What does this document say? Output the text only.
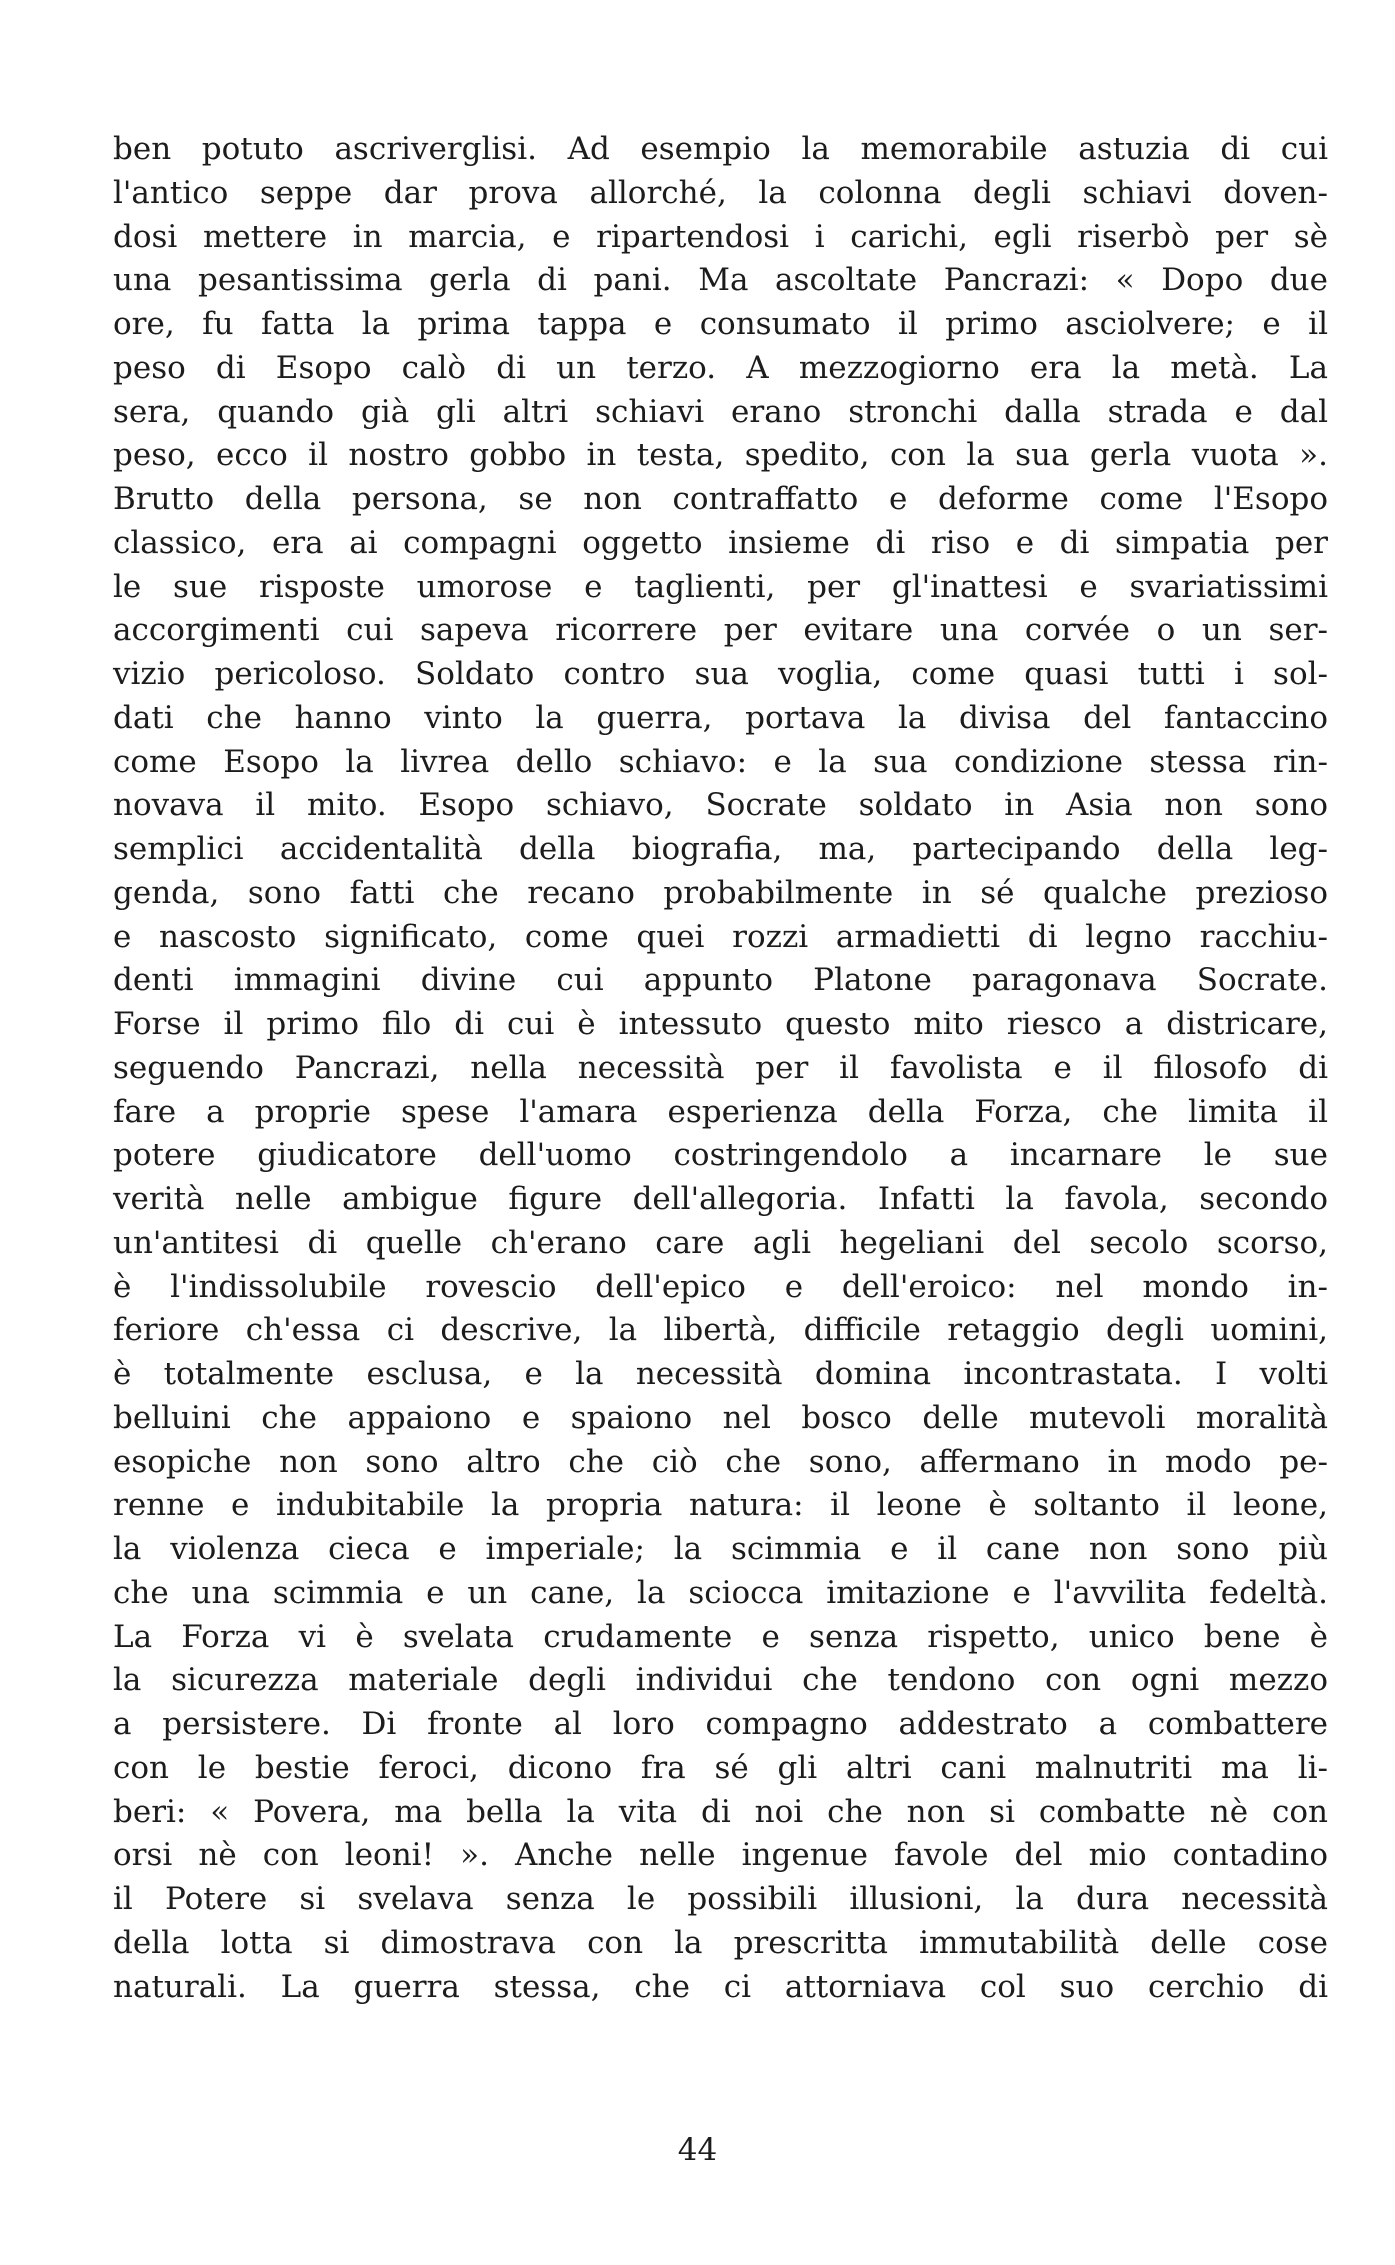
ben potuto ascriverglisi. Ad esempio la memorabile astuzia di cui
l'antico seppe dar prova allorché, la colonna degli schiavi doven-
dosi mettere in marcia, e ripartendosi i carichi, egli riserbò per sè
una pesantissima gerla di pani. Ma ascoltate Pancrazi: « Dopo due
ore, fu fatta la prima tappa e consumato il primo asciolvere; e il
peso di Esopo calò di un terzo. A mezzogiorno era la metà. La
sera, quando già gli altri schiavi erano stronchi dalla strada e dal
peso, ecco il nostro gobbo in testa, spedito, con la sua gerla vuota ».
Brutto della persona, se non contraffatto e deforme come l'Esopo
classico, era ai compagni oggetto insieme di riso e di simpatia per
le sue risposte umorose e taglienti, per gl'inattesi e svariatissimi
accorgimenti cui sapeva ricorrere per evitare una corvée o un ser-
vizio pericoloso. Soldato contro sua voglia, come quasi tutti i sol-
dati che hanno vinto la guerra, portava la divisa del fantaccino
come Esopo la livrea dello schiavo: e la sua condizione stessa rin-
novava il mito. Esopo schiavo, Socrate soldato in Asia non sono
semplici accidentalità della biografia, ma, partecipando della leg-
genda, sono fatti che recano probabilmente in sé qualche prezioso
e nascosto significato, come quei rozzi armadietti di legno racchiu-
denti immagini divine cui appunto Platone paragonava Socrate.
Forse il primo filo di cui è intessuto questo mito riesco a districare,
seguendo Pancrazi, nella necessità per il favolista e il filosofo di
fare a proprie spese l'amara esperienza della Forza, che limita il
potere giudicatore dell'uomo costringendolo a incarnare le sue
verità nelle ambigue figure dell'allegoria. Infatti la favola, secondo
un'antitesi di quelle ch'erano care agli hegeliani del secolo scorso,
è l'indissolubile rovescio dell'epico e dell'eroico: nel mondo in-
feriore ch'essa ci descrive, la libertà, difficile retaggio degli uomini,
è totalmente esclusa, e la necessità domina incontrastata. I volti
belluini che appaiono e spaiono nel bosco delle mutevoli moralità
esopiche non sono altro che ciò che sono, affermano in modo pe-
renne e indubitabile la propria natura: il leone è soltanto il leone,
la violenza cieca e imperiale; la scimmia e il cane non sono più
che una scimmia e un cane, la sciocca imitazione e l'avvilita fedeltà.
La Forza vi è svelata crudamente e senza rispetto, unico bene è
la sicurezza materiale degli individui che tendono con ogni mezzo
a persistere. Di fronte al loro compagno addestrato a combattere
con le bestie feroci, dicono fra sé gli altri cani malnutriti ma li-
beri: « Povera, ma bella la vita di noi che non si combatte nè con
orsi nè con leoni! ». Anche nelle ingenue favole del mio contadino
il Potere si svelava senza le possibili illusioni, la dura necessità
della lotta si dimostrava con la prescritta immutabilità delle cose
naturali. La guerra stessa, che ci attorniava col suo cerchio di
44
